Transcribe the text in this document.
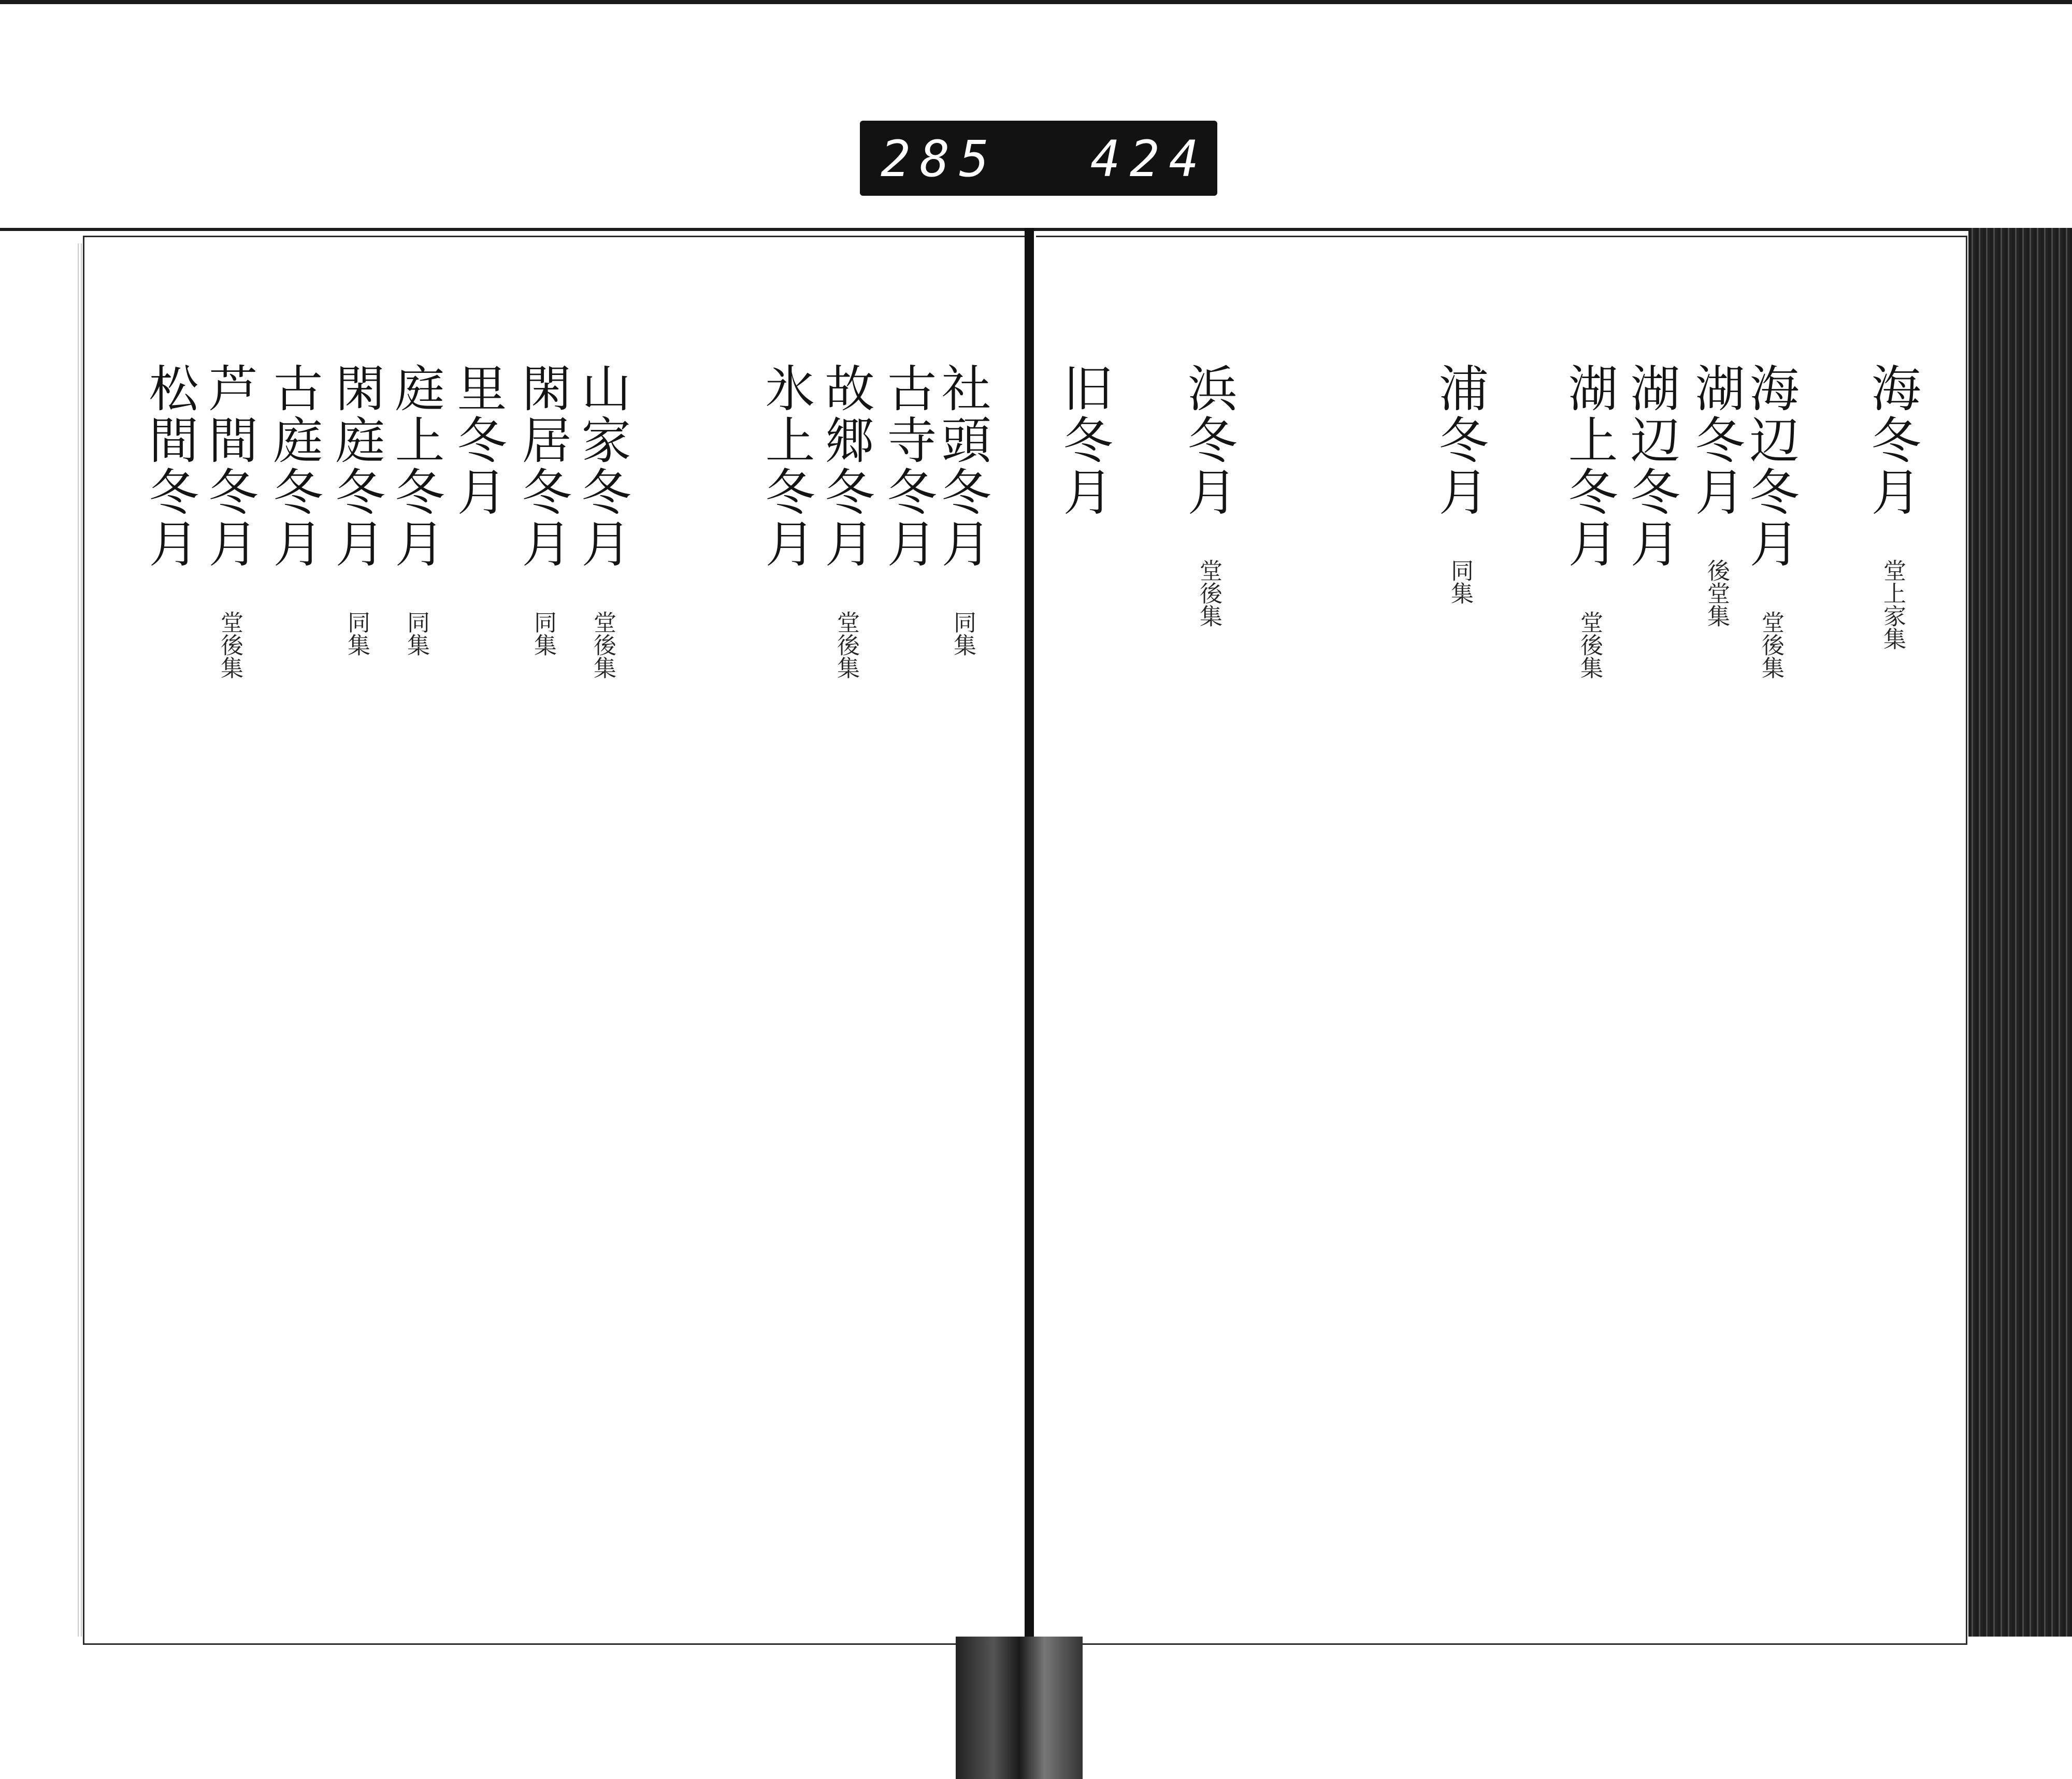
285 424
海冬月 堂上家集
海辺冬月 堂後集
湖冬月 後堂集
湖辺冬月
湖上冬月 堂後集
浦冬月 同集
浜冬月 堂後集
旧冬月
社頭冬月 同集
古寺冬月
故郷冬月 堂後集
氷上冬月
山家冬月 堂後集
閑居冬月 同集
里冬月
庭上冬月 同集
閑庭冬月 同集
古庭冬月
芦間冬月 堂後集
松間冬月
